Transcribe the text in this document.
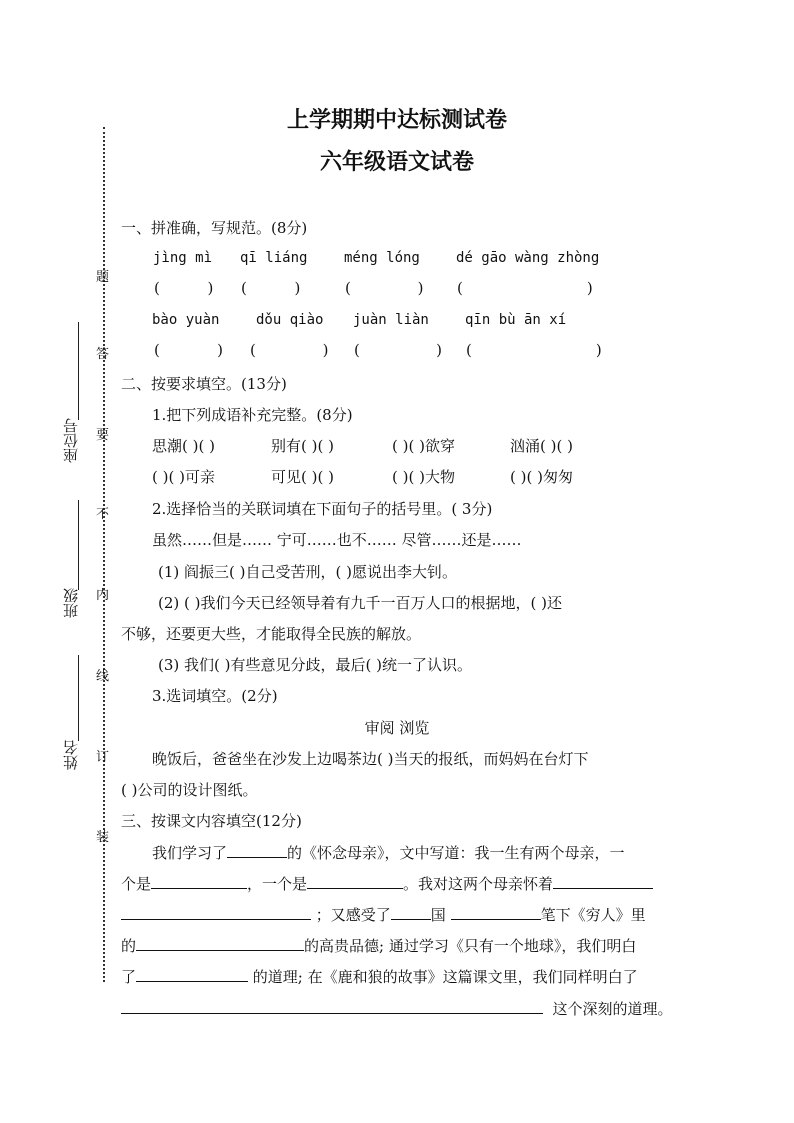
上学期期中达标测试卷
六年级语文试卷
题
答
要
不
内
线
订
装
座位号
班级
姓名
一、拼准确，写规范。(8分)
jìng mì qī liáng	méng lóng	dé gāo wàng zhòng
(          ) (          )	(              ) (                          )
bào yuàn	dǒu qiào juàn liàn	qīn bù ān xí
(            ) (              ) (                ) (                          )
二、按要求填空。(13分)
1.把下列成语补充完整。(8分)
思潮( )( )	别有( )( )	( )( )欲穿	汹涌( )( )
( )( )可亲	可见( )( )	( )( )大物	( )( )匆匆
2.选择恰当的关联词填在下面句子的括号里。( 3分)
虽然……但是…… 宁可……也不…… 尽管……还是……
(1) 阎振三( )自己受苦刑，( )愿说出李大钊。
(2) ( )我们今天已经领导着有九千一百万人口的根据地，( )还
不够，还要更大些，才能取得全民族的解放。
(3) 我们( )有些意见分歧，最后( )统一了认识。
3.选词填空。(2分)
审阅 浏览
晚饭后，爸爸坐在沙发上边喝茶边( )当天的报纸，而妈妈在台灯下
( )公司的设计图纸。
三、按课文内容填空(12分)
我们学习了	的《怀念母亲》，文中写道：我一生有两个母亲，一
个是	，一个是	。我对这两个母亲怀着
；又感受了	国	笔下《穷人》里
的	的高贵品德; 通过学习《只有一个地球》，我们明白
了	的道理; 在《鹿和狼的故事》这篇课文里，我们同样明白了
这个深刻的道理。
